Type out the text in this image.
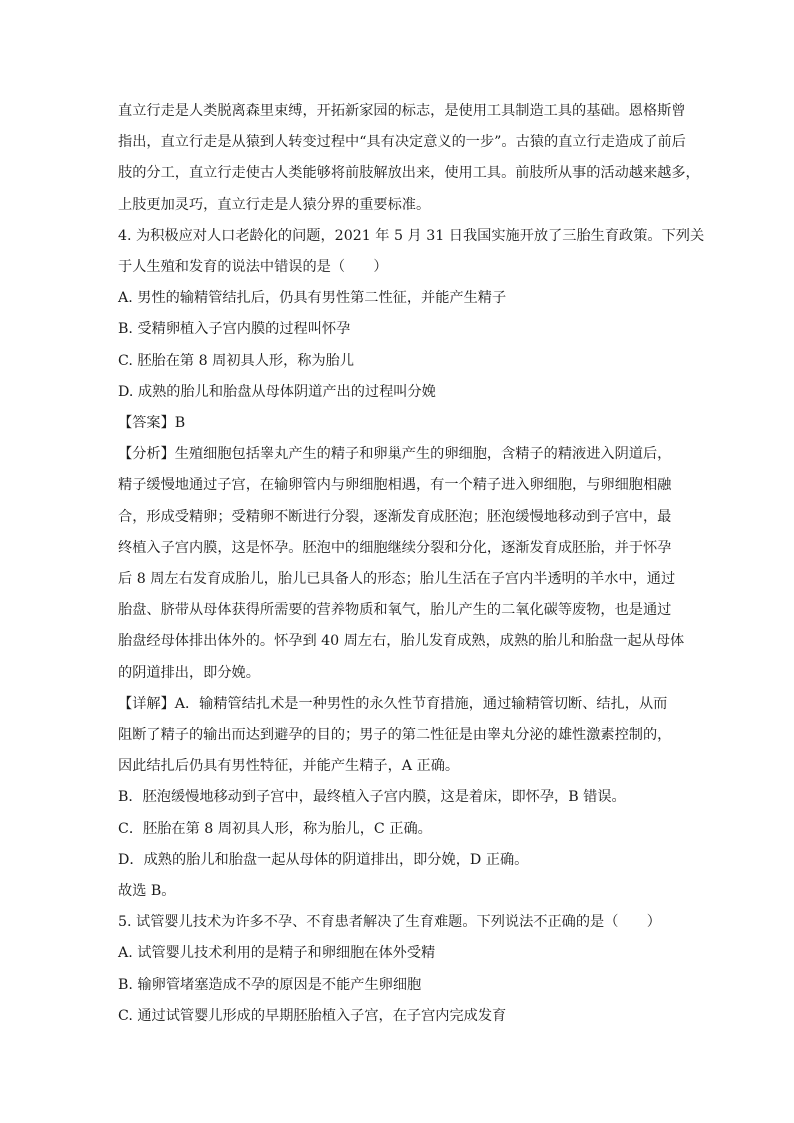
直立行走是人类脱离森里束缚，开拓新家园的标志，是使用工具制造工具的基础。恩格斯曾
指出，直立行走是从猿到人转变过程中“具有决定意义的一步”。古猿的直立行走造成了前后
肢的分工，直立行走使古人类能够将前肢解放出来，使用工具。前肢所从事的活动越来越多，
上肢更加灵巧，直立行走是人猿分界的重要标准。
4. 为积极应对人口老龄化的问题，2021 年 5 月 31 日我国实施开放了三胎生育政策。下列关
于人生殖和发育的说法中错误的是（　　）
A. 男性的输精管结扎后，仍具有男性第二性征，并能产生精子
B. 受精卵植入子宫内膜的过程叫怀孕
C. 胚胎在第 8 周初具人形，称为胎儿
D. 成熟的胎儿和胎盘从母体阴道产出的过程叫分娩
【答案】B
【分析】生殖细胞包括睾丸产生的精子和卵巢产生的卵细胞，含精子的精液进入阴道后，
精子缓慢地通过子宫，在输卵管内与卵细胞相遇，有一个精子进入卵细胞，与卵细胞相融
合，形成受精卵；受精卵不断进行分裂，逐渐发育成胚泡；胚泡缓慢地移动到子宫中，最
终植入子宫内膜，这是怀孕。胚泡中的细胞继续分裂和分化，逐渐发育成胚胎，并于怀孕
后 8 周左右发育成胎儿，胎儿已具备人的形态；胎儿生活在子宫内半透明的羊水中，通过
胎盘、脐带从母体获得所需要的营养物质和氧气，胎儿产生的二氧化碳等废物，也是通过
胎盘经母体排出体外的。怀孕到 40 周左右，胎儿发育成熟，成熟的胎儿和胎盘一起从母体
的阴道排出，即分娩。
【详解】A．输精管结扎术是一种男性的永久性节育措施，通过输精管切断、结扎，从而
阻断了精子的输出而达到避孕的目的；男子的第二性征是由睾丸分泌的雄性激素控制的，
因此结扎后仍具有男性特征，并能产生精子，A 正确。
B．胚泡缓慢地移动到子宫中，最终植入子宫内膜，这是着床，即怀孕，B 错误。
C．胚胎在第 8 周初具人形，称为胎儿，C 正确。
D．成熟的胎儿和胎盘一起从母体的阴道排出，即分娩，D 正确。
故选 B。
5. 试管婴儿技术为许多不孕、不育患者解决了生育难题。下列说法不正确的是（　　）
A. 试管婴儿技术利用的是精子和卵细胞在体外受精
B. 输卵管堵塞造成不孕的原因是不能产生卵细胞
C. 通过试管婴儿形成的早期胚胎植入子宫，在子宫内完成发育
